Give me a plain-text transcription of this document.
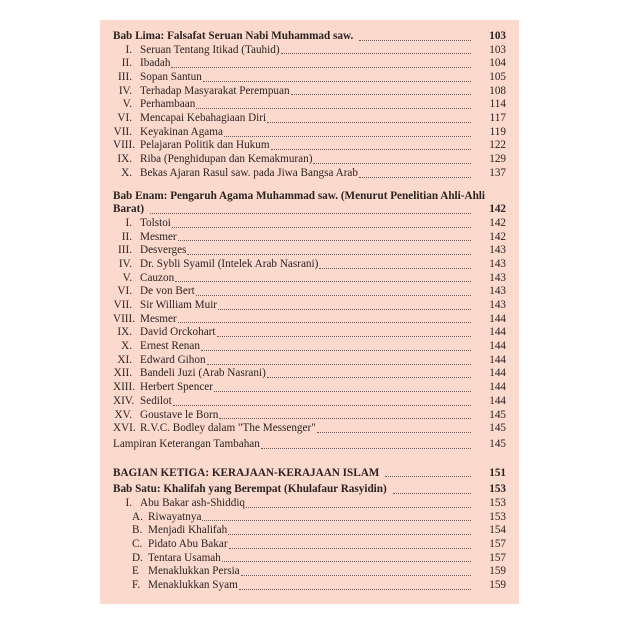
Bab Lima: Falsafat Seruan Nabi Muhammad saw.	103
I. Seruan Tentang Itikad (Tauhid)	103
II. Ibadah	104
III. Sopan Santun	105
IV. Terhadap Masyarakat Perempuan	108
V. Perhambaan	114
VI. Mencapai Kebahagiaan Diri	117
VII. Keyakinan Agama	119
VIII. Pelajaran Politik dan Hukum	122
IX. Riba (Penghidupan dan Kemakmuran)	129
X. Bekas Ajaran Rasul saw. pada Jiwa Bangsa Arab	137
Bab Enam: Pengaruh Agama Muhammad saw. (Menurut Penelitian Ahli-Ahli
Barat)	142
I. Tolstoi	142
II. Mesmer	142
III. Desverges	143
IV. Dr. Sybli Syamil (Intelek Arab Nasrani)	143
V. Cauzon	143
VI. De von Bert	143
VII. Sir William Muir	143
VIII. Mesmer	144
IX. David Orckohart	144
X. Ernest Renan	144
XI. Edward Gihon	144
XII. Bandeli Juzi (Arab Nasrani)	144
XIII. Herbert Spencer	144
XIV. Sedilot	144
XV. Goustave le Born	145
XVI. R.V.C. Bodley dalam "The Messenger"	145
Lampiran Keterangan Tambahan	145
BAGIAN KETIGA: KERAJAAN-KERAJAAN ISLAM	151
Bab Satu: Khalifah yang Berempat (Khulafaur Rasyidin)	153
I. Abu Bakar ash-Shiddiq	153
A. Riwayatnya	153
B. Menjadi Khalifah	154
C. Pidato Abu Bakar	157
D. Tentara Usamah	157
E Menaklukkan Persia	159
F. Menaklukkan Syam	159
